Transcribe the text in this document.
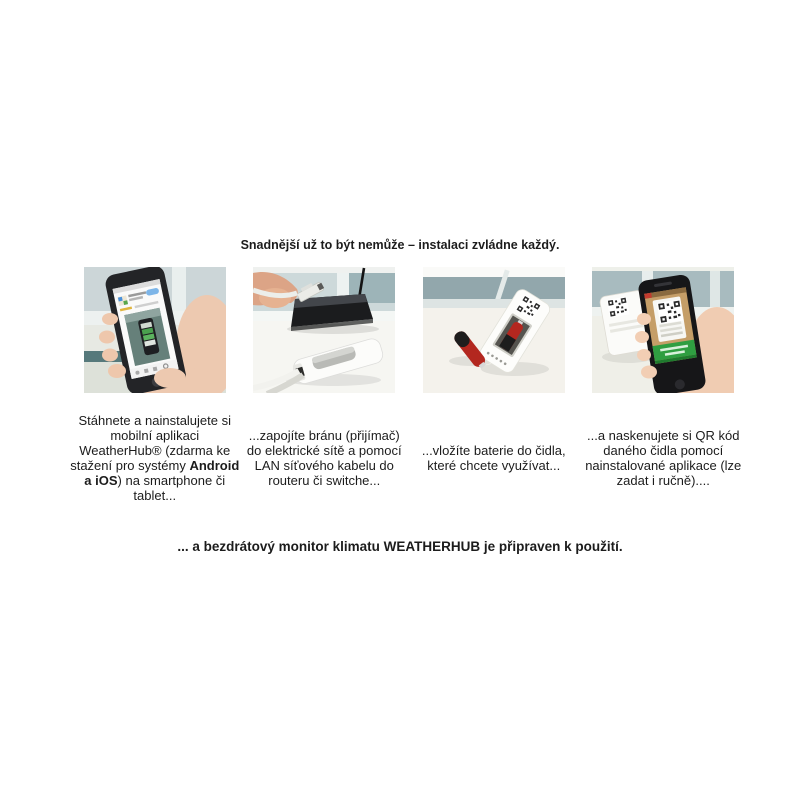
Snadnější už to být nemůže – instalaci zvládne každý.

Stáhnete a nainstalujete si
mobilní aplikaci
WeatherHub® (zdarma ke
stažení pro systémy Android
a iOS) na smartphone či
tablet...

...zapojíte bránu (přijímač)
do elektrické sítě a pomocí
LAN síťového kabelu do
routeru či switche...

...vložíte baterie do čidla,
které chcete využívat...

...a naskenujete si QR kód
daného čidla pomocí
nainstalované aplikace (lze
zadat i ručně)....

... a bezdrátový monitor klimatu WEATHERHUB je připraven k použití.
